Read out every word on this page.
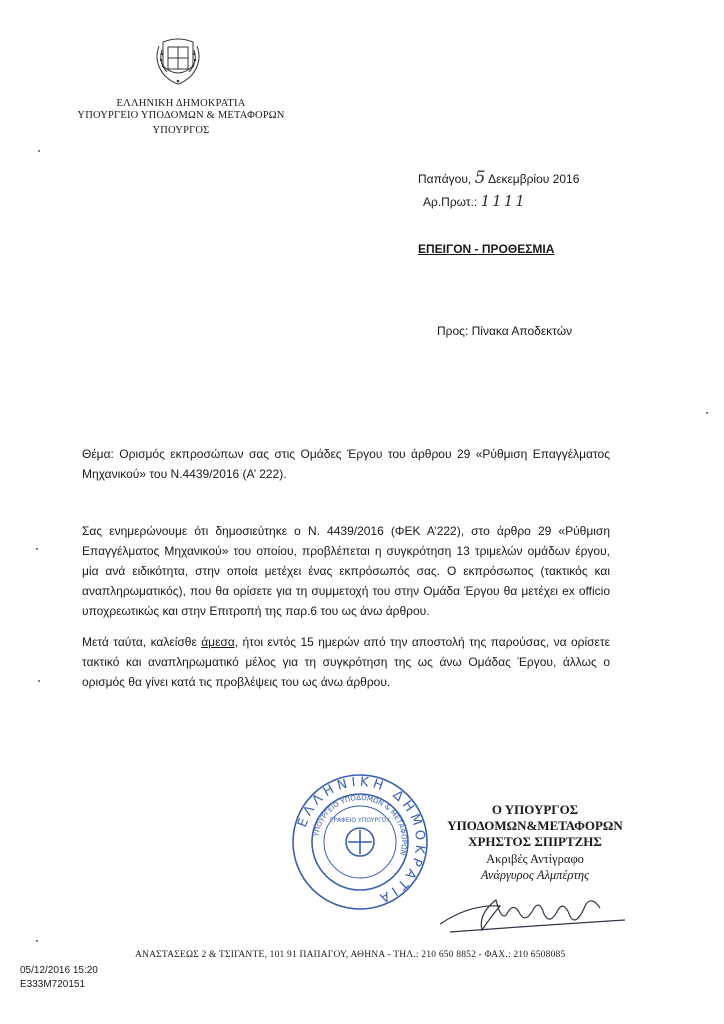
ΕΛΛΗΝΙΚΗ ΔΗΜΟΚΡΑΤΙΑ
ΥΠΟΥΡΓΕΙΟ ΥΠΟΔΟΜΩΝ & ΜΕΤΑΦΟΡΩΝ
ΥΠΟΥΡΓΟΣ
Παπάγου, 5 Δεκεμβρίου 2016
Αρ.Πρωτ.: 1111
ΕΠΕΙΓΟΝ - ΠΡΟΘΕΣΜΙΑ
Προς: Πίνακα Αποδεκτών
Θέμα: Ορισμός εκπροσώπων σας στις Ομάδες Έργου του άρθρου 29 «Ρύθμιση Επαγγέλματος Μηχανικού» του Ν.4439/2016 (Α’ 222).
Σας ενημερώνουμε ότι δημοσιεύτηκε ο Ν. 4439/2016 (ΦΕΚ Α’222), στο άρθρο 29 «Ρύθμιση Επαγγέλματος Μηχανικού» του οποίου, προβλέπεται η συγκρότηση 13 τριμελών ομάδων έργου, μία ανά ειδικότητα, στην οποία μετέχει ένας εκπρόσωπός σας. Ο εκπρόσωπος (τακτικός και αναπληρωματικός), που θα ορίσετε για τη συμμετοχή του στην Ομάδα Έργου θα μετέχει ex officio υποχρεωτικώς και στην Επιτροπή της παρ.6 του ως άνω άρθρου.
Μετά ταύτα, καλείσθε άμεσα, ήτοι εντός 15 ημερών από την αποστολή της παρούσας, να ορίσετε τακτικό και αναπληρωματικό μέλος για τη συγκρότηση της ως άνω Ομάδας Έργου, άλλως ο ορισμός θα γίνει κατά τις προβλέψεις του ως άνω άρθρου.
ΕΛΛΗΝΙΚΗ ΔΗΜΟΚΡΑΤΙΑ
ΥΠΟΥΡΓΕΙΟ ΥΠΟΔΟΜΩΝ & ΜΕΤΑΦΟΡΩΝ
ΓΡΑΦΕΙΟ ΥΠΟΥΡΓΟΥ
Ο ΥΠΟΥΡΓΟΣ
ΥΠΟΔΟΜΩΝ&ΜΕΤΑΦΟΡΩΝ
ΧΡΗΣΤΟΣ ΣΠΙΡΤΖΗΣ
Ακριβές Αντίγραφο
Ανάργυρος Αλμπέρτης
ΑΝΑΣΤΑΣΕΩΣ 2 & ΤΣΙΓΑΝΤΕ, 101 91 ΠΑΠΑΓΟΥ, ΑΘΗΝΑ - ΤΗΛ.: 210 650 8852 - ΦΑΧ.: 210 6508085
05/12/2016 15:20
E333M720151
